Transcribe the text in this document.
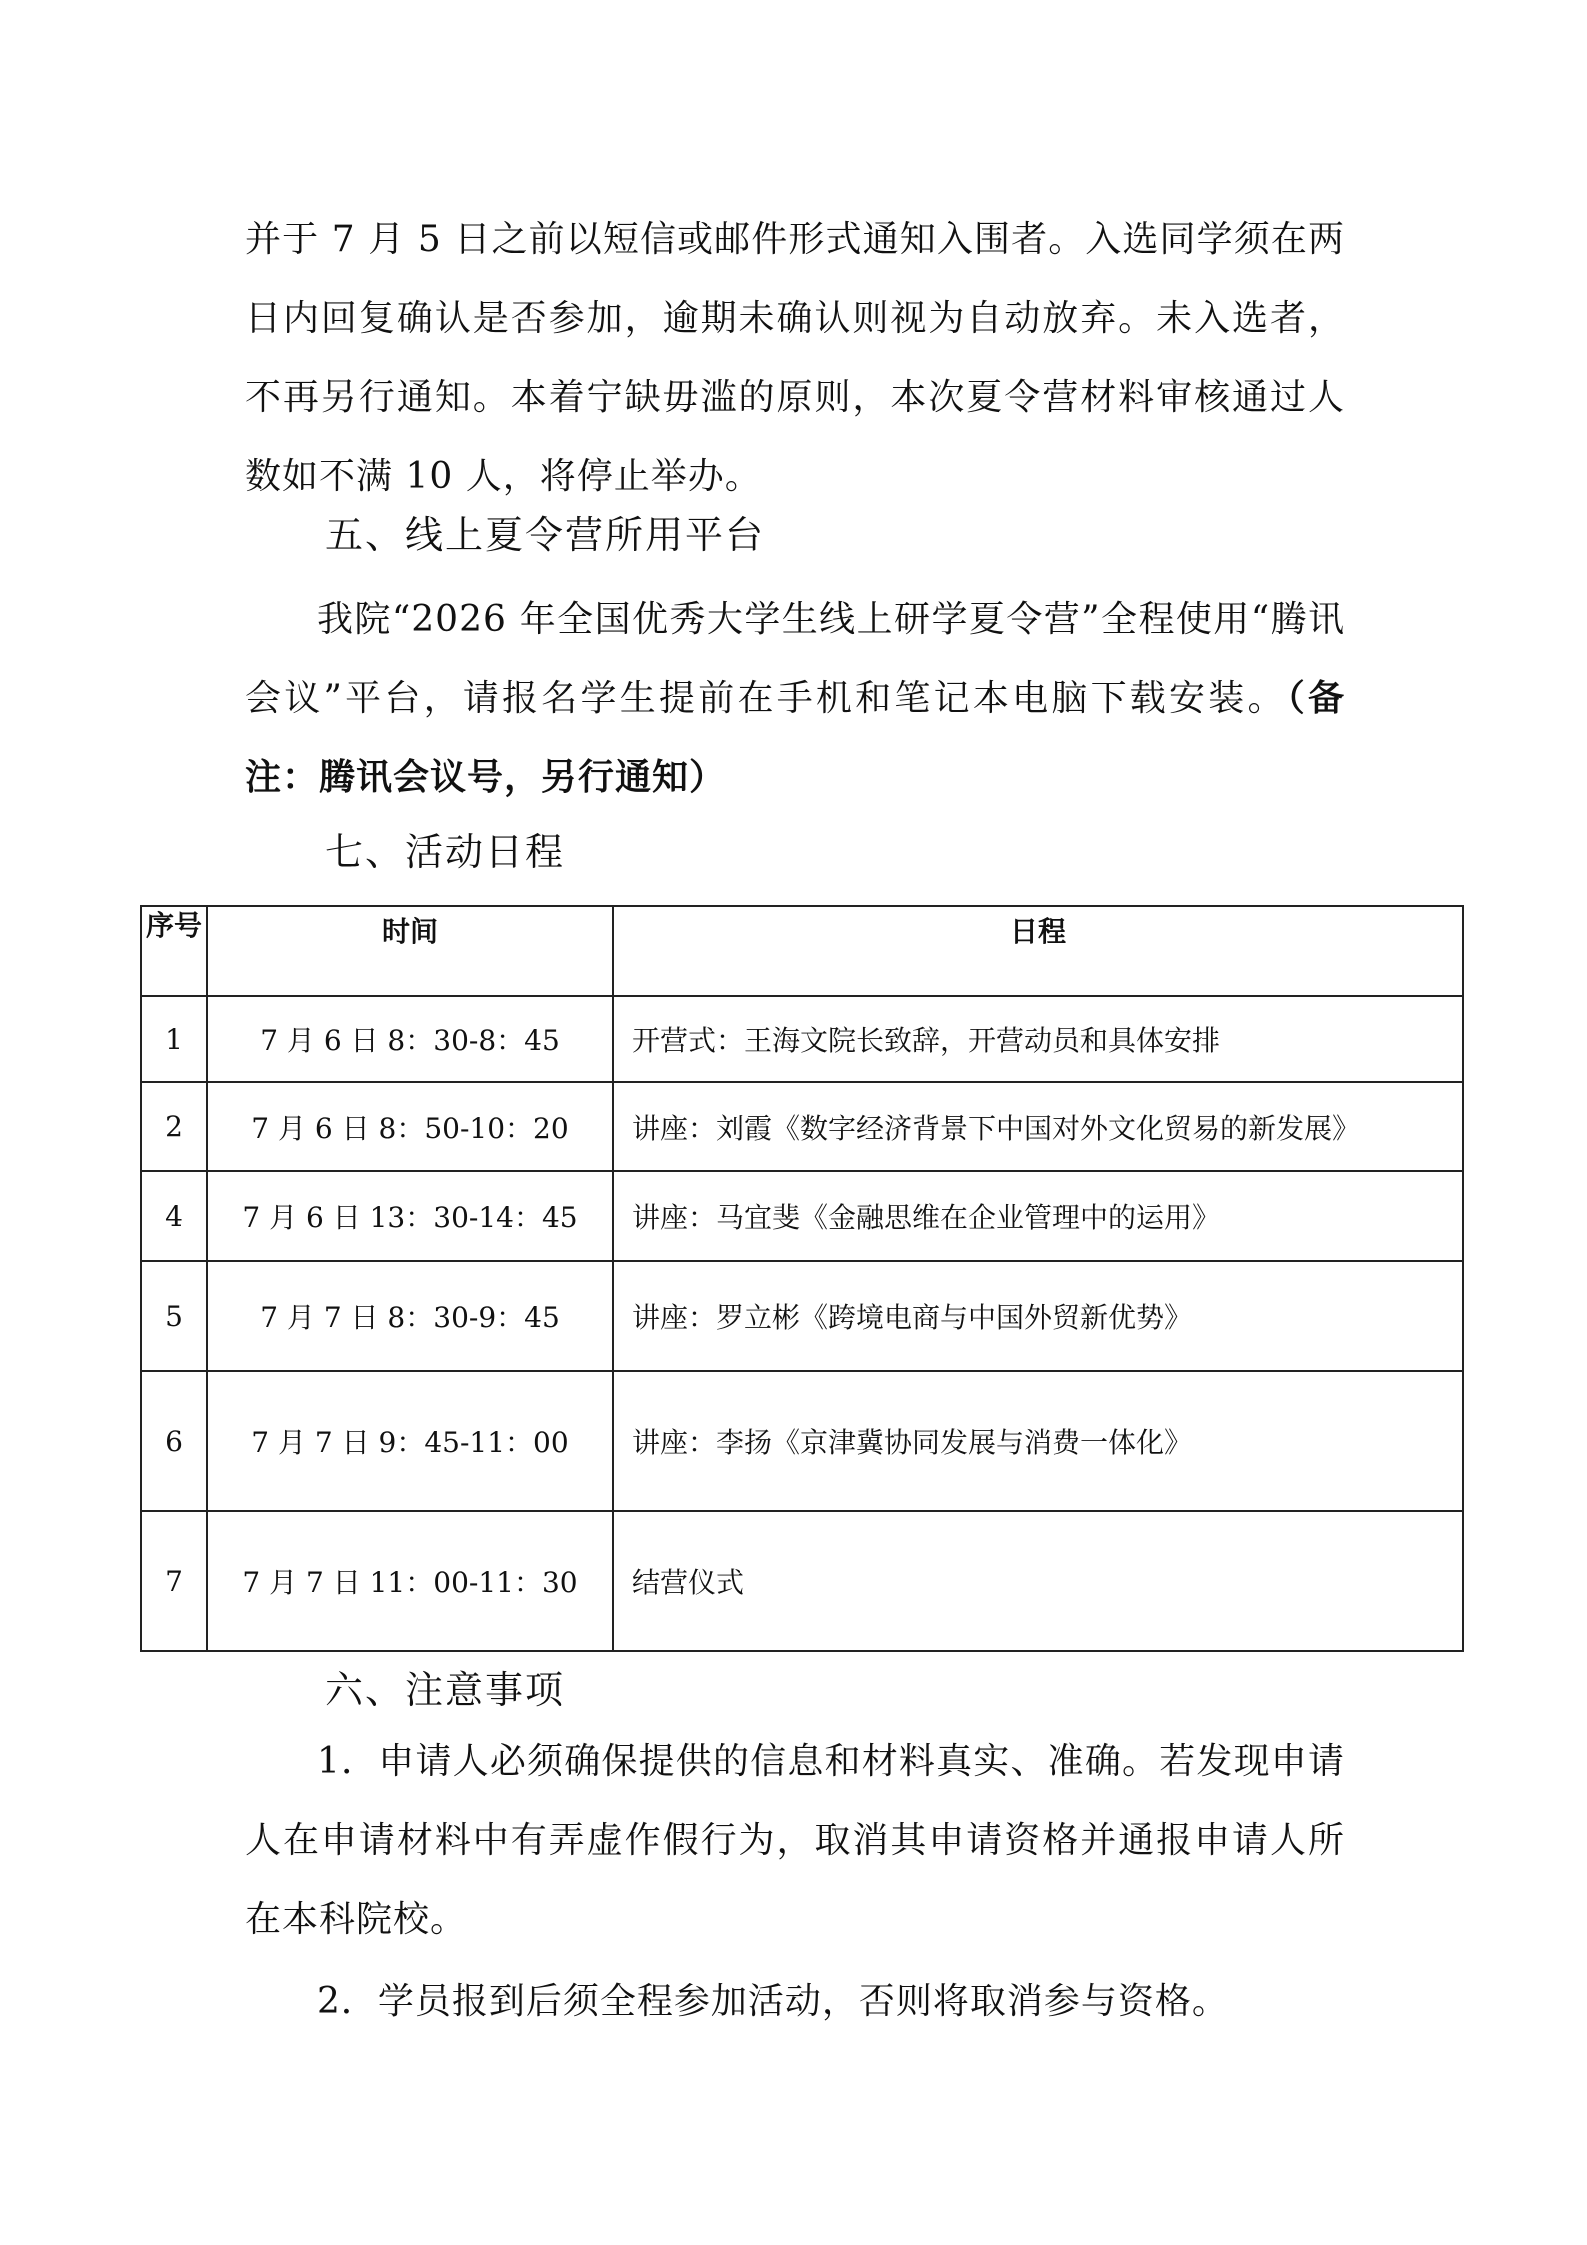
并于 7 月 5 日之前以短信或邮件形式通知入围者。入选同学须在两日内回复确认是否参加，逾期未确认则视为自动放弃。未入选者，不再另行通知。本着宁缺毋滥的原则，本次夏令营材料审核通过人数如不满 10 人，将停止举办。
五、线上夏令营所用平台
我院“2026 年全国优秀大学生线上研学夏令营”全程使用“腾讯会议”平台，请报名学生提前在手机和笔记本电脑下载安装。（备注：腾讯会议号，另行通知）
七、活动日程
序号	时间	日程
1	7 月 6 日 8：30-8：45	开营式：王海文院长致辞，开营动员和具体安排
2	7 月 6 日 8：50-10：20	讲座：刘霞《数字经济背景下中国对外文化贸易的新发展》
4	7 月 6 日 13：30-14：45	讲座：马宜斐《金融思维在企业管理中的运用》
5	7 月 7 日 8：30-9：45	讲座：罗立彬《跨境电商与中国外贸新优势》
6	7 月 7 日 9：45-11：00	讲座：李扬《京津冀协同发展与消费一体化》
7	7 月 7 日 11：00-11：30	结营仪式
六、注意事项
1．申请人必须确保提供的信息和材料真实、准确。若发现申请人在申请材料中有弄虚作假行为，取消其申请资格并通报申请人所在本科院校。
2．学员报到后须全程参加活动，否则将取消参与资格。
